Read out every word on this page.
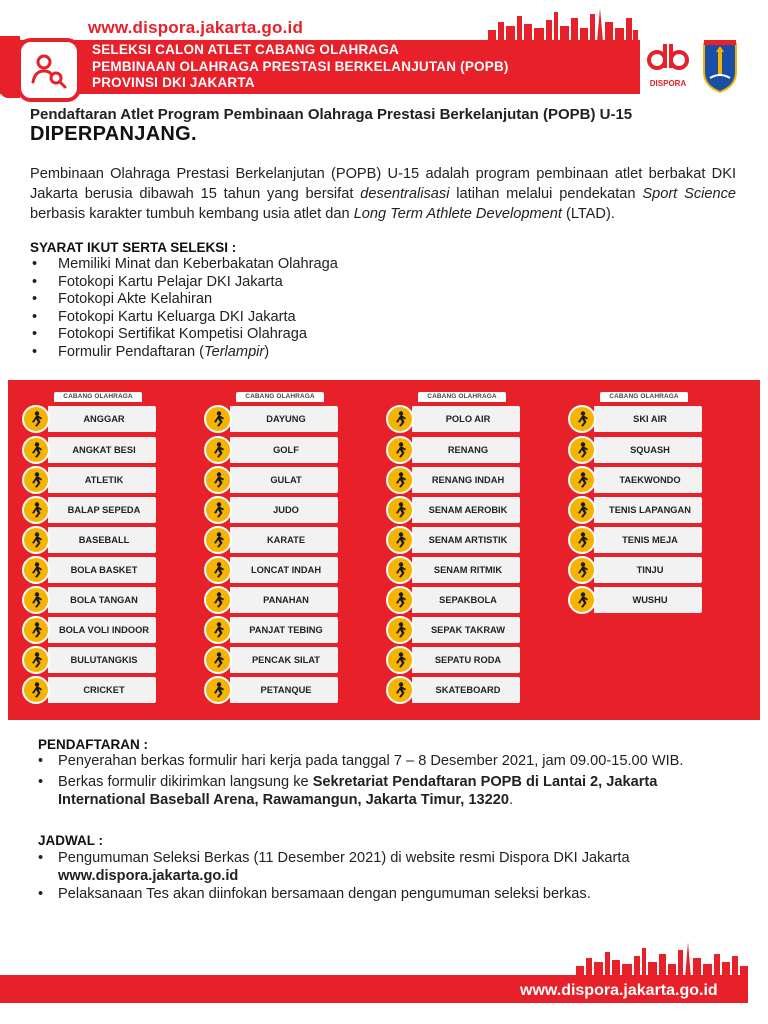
www.dispora.jakarta.go.id
SELEKSI CALON ATLET CABANG OLAHRAGA
PEMBINAAN OLAHRAGA PRESTASI BERKELANJUTAN (POPB)
PROVINSI DKI JAKARTA	DISPORA
Pendaftaran Atlet Program Pembinaan Olahraga Prestasi Berkelanjutan (POPB) U-15
DIPERPANJANG.

Pembinaan Olahraga Prestasi Berkelanjutan (POPB) U-15 adalah program pembinaan atlet berbakat DKI Jakarta berusia dibawah 15 tahun yang bersifat desentralisasi latihan melalui pendekatan Sport Science berbasis karakter tumbuh kembang usia atlet dan Long Term Athlete Development (LTAD).

SYARAT IKUT SERTA SELEKSI :
• Memiliki Minat dan Keberbakatan Olahraga
• Fotokopi Kartu Pelajar DKI Jakarta
• Fotokopi Akte Kelahiran
• Fotokopi Kartu Keluarga DKI Jakarta
• Fotokopi Sertifikat Kompetisi Olahraga
• Formulir Pendaftaran (Terlampir)
CABANG OLAHRAGA
ANGGAR
ANGKAT BESI
ATLETIK
BALAP SEPEDA
BASEBALL
BOLA BASKET
BOLA TANGAN
BOLA VOLI INDOOR
BULUTANGKIS
CRICKET
CABANG OLAHRAGA
DAYUNG
GOLF
GULAT
JUDO
KARATE
LONCAT INDAH
PANAHAN
PANJAT TEBING
PENCAK SILAT
PETANQUE
CABANG OLAHRAGA
POLO AIR
RENANG
RENANG INDAH
SENAM AEROBIK
SENAM ARTISTIK
SENAM RITMIK
SEPAKBOLA
SEPAK TAKRAW
SEPATU RODA
SKATEBOARD
CABANG OLAHRAGA
SKI AIR
SQUASH
TAEKWONDO
TENIS LAPANGAN
TENIS MEJA
TINJU
WUSHU
PENDAFTARAN :
• Penyerahan berkas formulir hari kerja pada tanggal 7 – 8 Desember 2021, jam 09.00-15.00 WIB.
• Berkas formulir dikirimkan langsung ke Sekretariat Pendaftaran POPB di Lantai 2, Jakarta International Baseball Arena, Rawamangun, Jakarta Timur, 13220.
JADWAL :
• Pengumuman Seleksi Berkas (11 Desember 2021) di website resmi Dispora DKI Jakarta
www.dispora.jakarta.go.id
• Pelaksanaan Tes akan diinfokan bersamaan dengan pengumuman seleksi berkas.
www.dispora.jakarta.go.id
